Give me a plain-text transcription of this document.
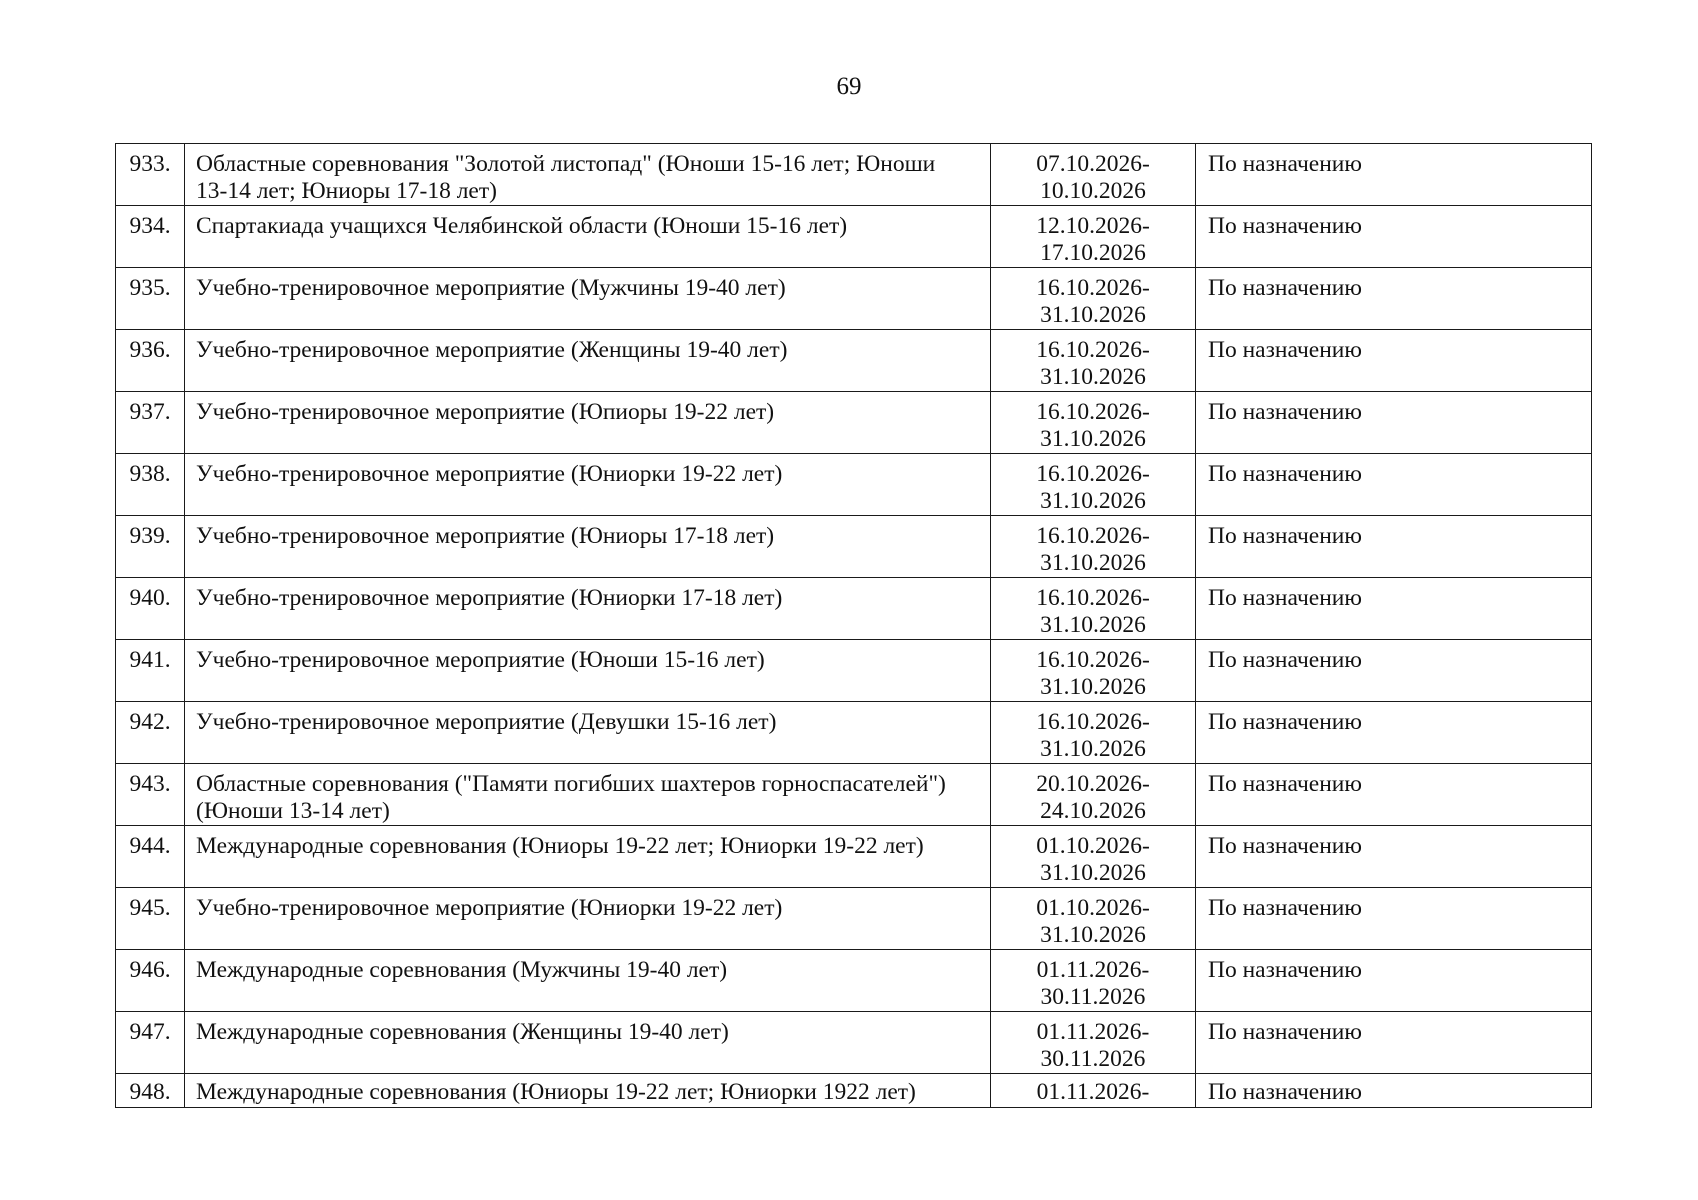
69
933.	Областные соревнования "Золотой листопад" (Юноши 15-16 лет; Юноши
13-14 лет; Юниоры 17-18 лет)	07.10.2026-
10.10.2026	По назначению
934.	Спартакиада учащихся Челябинской области (Юноши 15-16 лет)	12.10.2026-
17.10.2026	По назначению
935.	Учебно-тренировочное мероприятие (Мужчины 19-40 лет)	16.10.2026-
31.10.2026	По назначению
936.	Учебно-тренировочное мероприятие (Женщины 19-40 лет)	16.10.2026-
31.10.2026	По назначению
937.	Учебно-тренировочное мероприятие (Юпиоры 19-22 лет)	16.10.2026-
31.10.2026	По назначению
938.	Учебно-тренировочное мероприятие (Юниорки 19-22 лет)	16.10.2026-
31.10.2026	По назначению
939.	Учебно-тренировочное мероприятие (Юниоры 17-18 лет)	16.10.2026-
31.10.2026	По назначению
940.	Учебно-тренировочное мероприятие (Юниорки 17-18 лет)	16.10.2026-
31.10.2026	По назначению
941.	Учебно-тренировочное мероприятие (Юноши 15-16 лет)	16.10.2026-
31.10.2026	По назначению
942.	Учебно-тренировочное мероприятие (Девушки 15-16 лет)	16.10.2026-
31.10.2026	По назначению
943.	Областные соревнования ("Памяти погибших шахтеров горноспасателей")
(Юноши 13-14 лет)	20.10.2026-
24.10.2026	По назначению
944.	Международные соревнования (Юниоры 19-22 лет; Юниорки 19-22 лет)	01.10.2026-
31.10.2026	По назначению
945.	Учебно-тренировочное мероприятие (Юниорки 19-22 лет)	01.10.2026-
31.10.2026	По назначению
946.	Международные соревнования (Мужчины 19-40 лет)	01.11.2026-
30.11.2026	По назначению
947.	Международные соревнования (Женщины 19-40 лет)	01.11.2026-
30.11.2026	По назначению
948.	Международные соревнования (Юниоры 19-22 лет; Юниорки 1922 лет)	01.11.2026-	По назначению
